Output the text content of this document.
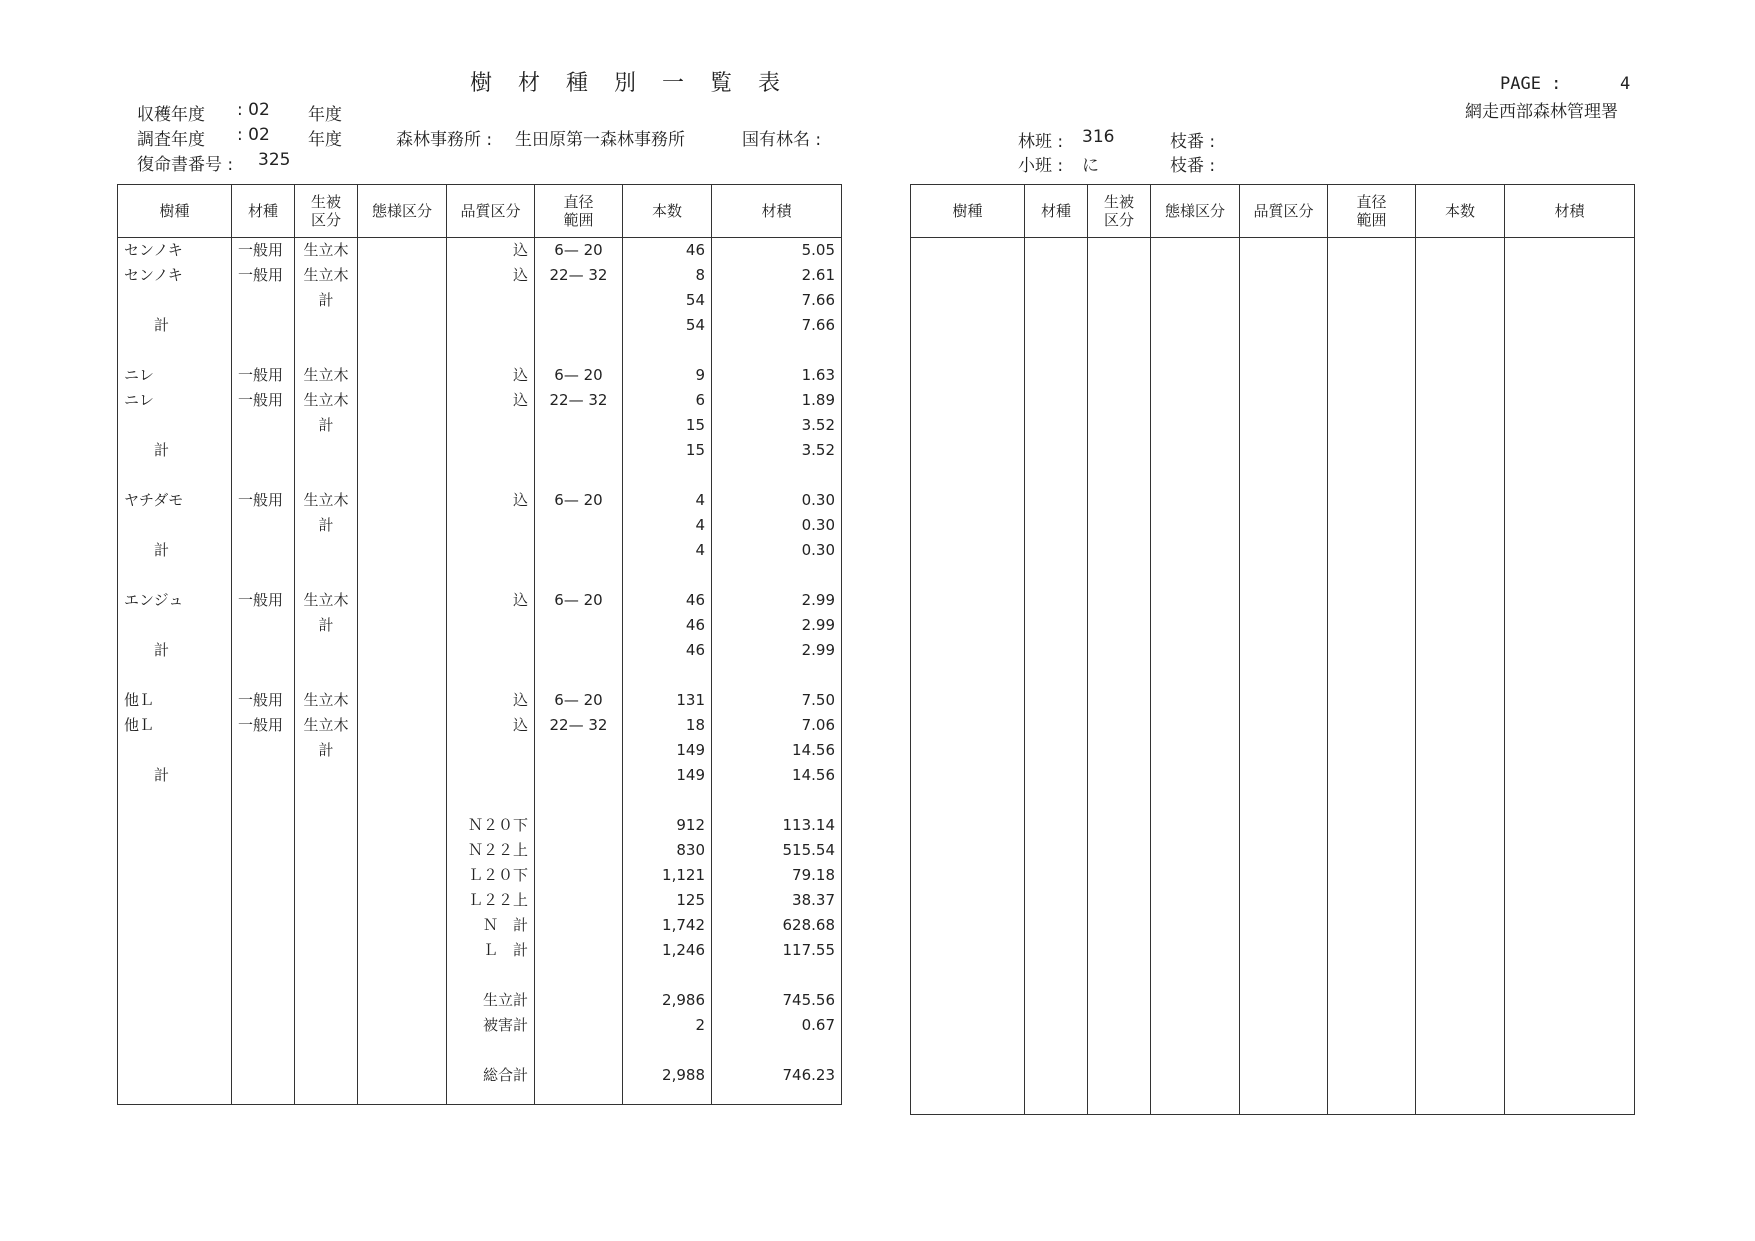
樹　材　種　別　一　覧　表	PAGE :	4
網走西部森林管理署
収穫年度 : 02 年度
調査年度 : 02 年度
復命書番号 : 325
森林事務所 : 生田原第一森林事務所	国有林名 :	林班 : 316	枝番 :
小班 : に	枝番 :
樹種	材種	生被
区分	態様区分	品質区分	直径
範囲	本数	材積
センノキ	一般用	生立木		込	6— 20	46	5.05
センノキ	一般用	生立木		込	22— 32	8	2.61
		計				54	7.66
　　計						54	7.66

ニレ	一般用	生立木		込	6— 20	9	1.63
ニレ	一般用	生立木		込	22— 32	6	1.89
		計				15	3.52
　　計						15	3.52

ヤチダモ	一般用	生立木		込	6— 20	4	0.30
		計				4	0.30
　　計						4	0.30

エンジュ	一般用	生立木		込	6— 20	46	2.99
		計				46	2.99
　　計						46	2.99

他Ｌ	一般用	生立木		込	6— 20	131	7.50
他Ｌ	一般用	生立木		込	22— 32	18	7.06
		計				149	14.56
　　計						149	14.56

				Ｎ２０下		912	113.14
				Ｎ２２上		830	515.54
				Ｌ２０下		1,121	79.18
				Ｌ２２上		125	38.37
				Ｎ　計		1,742	628.68
				Ｌ　計		1,246	117.55

				生立計		2,986	745.56
				被害計		2	0.67

				総合計		2,988	746.23

樹種	材種	生被
区分	態様区分	品質区分	直径
範囲	本数	材積
